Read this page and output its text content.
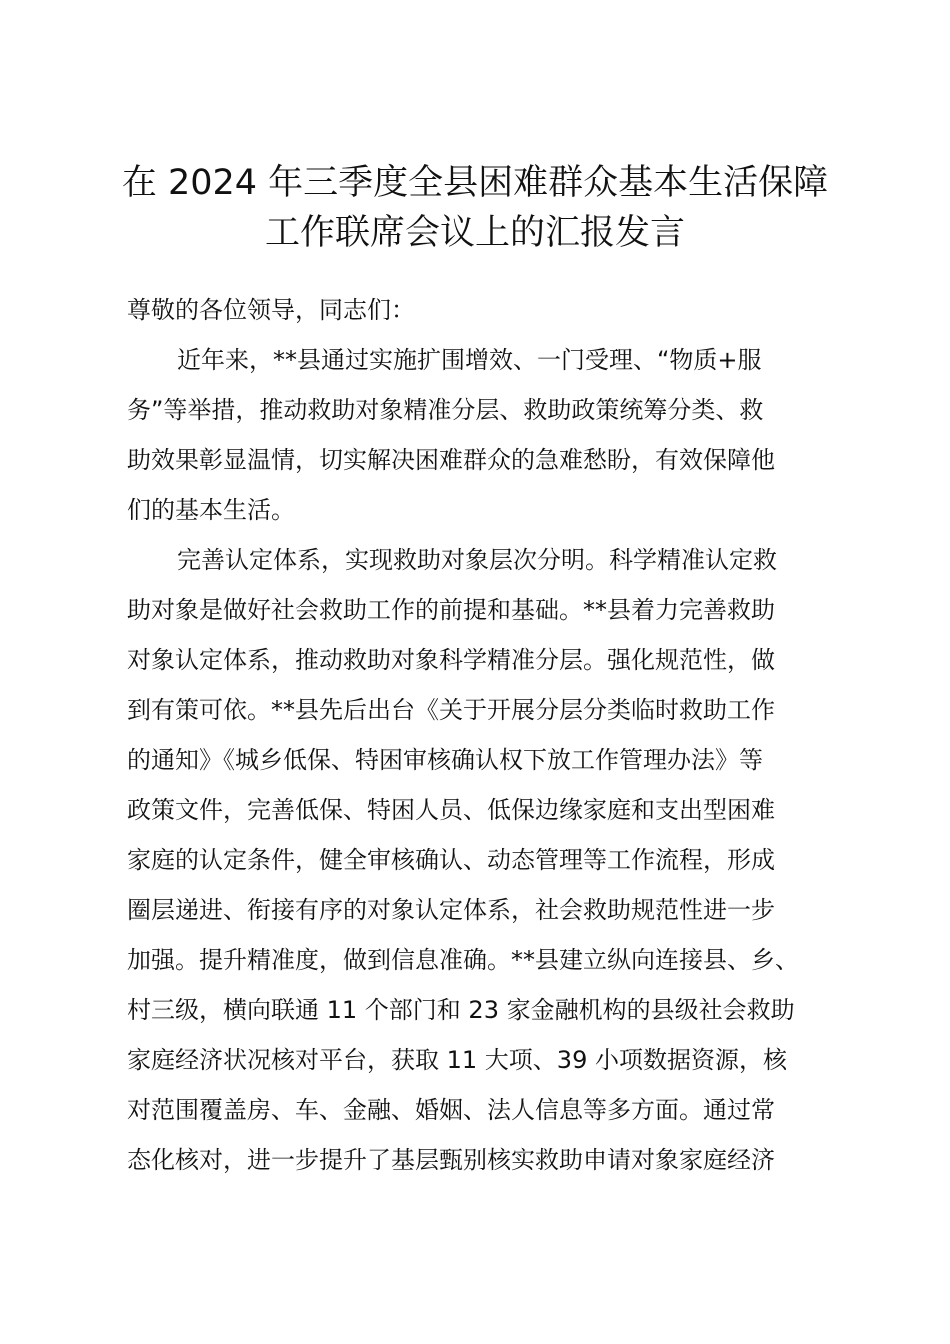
在 2024 年三季度全县困难群众基本生活保障
工作联席会议上的汇报发言
尊敬的各位领导，同志们：
近年来，**县通过实施扩围增效、一门受理、“物质+服
务”等举措，推动救助对象精准分层、救助政策统筹分类、救
助效果彰显温情，切实解决困难群众的急难愁盼，有效保障他
们的基本生活。
完善认定体系，实现救助对象层次分明。科学精准认定救
助对象是做好社会救助工作的前提和基础。**县着力完善救助
对象认定体系，推动救助对象科学精准分层。强化规范性，做
到有策可依。**县先后出台《关于开展分层分类临时救助工作
的通知》《城乡低保、特困审核确认权下放工作管理办法》等
政策文件，完善低保、特困人员、低保边缘家庭和支出型困难
家庭的认定条件，健全审核确认、动态管理等工作流程，形成
圈层递进、衔接有序的对象认定体系，社会救助规范性进一步
加强。提升精准度，做到信息准确。**县建立纵向连接县、乡、
村三级，横向联通 11 个部门和 23 家金融机构的县级社会救助
家庭经济状况核对平台，获取 11 大项、39 小项数据资源，核
对范围覆盖房、车、金融、婚姻、法人信息等多方面。通过常
态化核对，进一步提升了基层甄别核实救助申请对象家庭经济
